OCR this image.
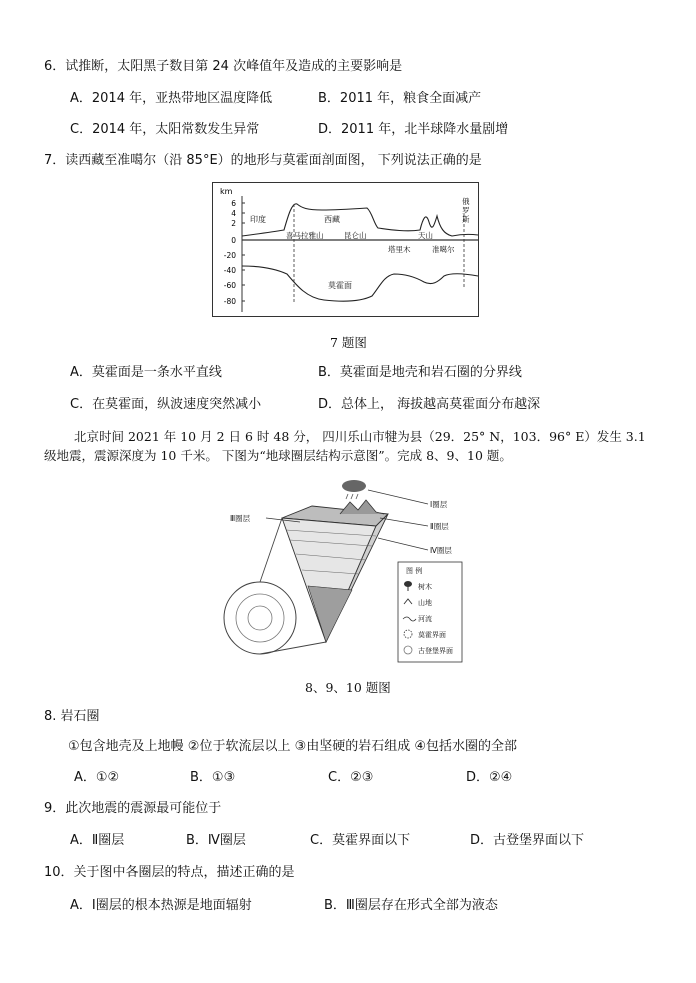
6．试推断，太阳黑子数目第 24 次峰值年及造成的主要影响是
A．2014 年，亚热带地区温度降低	B．2011 年，粮食全面减产
C．2014 年，太阳常数发生异常	D．2011 年，北半球降水量剧增
7．读西藏至准噶尔（沿 85°E）的地形与莫霍面剖面图， 下列说法正确的是
km
6
4
2
0
-20
-40
-60
-80
印度	西藏
俄
罗
斯
喜马拉雅山	昆仑山	天山
塔里木	准噶尔
莫霍面
7 题图
A．莫霍面是一条水平直线	B．莫霍面是地壳和岩石圈的分界线
C．在莫霍面，纵波速度突然减小	D．总体上， 海拔越高莫霍面分布越深
北京时间 2021 年 10 月 2 日 6 时 48 分， 四川乐山市犍为县（29．25° N，103．96° E）发生 3.1
级地震，震源深度为 10 千米。 下图为“地球圈层结构示意图”。完成 8、9、10 题。
Ⅰ圈层
Ⅱ圈层
Ⅳ圈层
Ⅲ圈层
图 例
树木
山地
河流
莫霍界面
古登堡界面
8、9、10 题图
8. 岩石圈
①包含地壳及上地幔 ②位于软流层以上 ③由坚硬的岩石组成 ④包括水圈的全部
A．①②	B．①③	C．②③	D．②④
9．此次地震的震源最可能位于
A．Ⅱ圈层	B．Ⅳ圈层	C．莫霍界面以下	D．古登堡界面以下
10．关于图中各圈层的特点，描述正确的是
A．Ⅰ圈层的根本热源是地面辐射	B．Ⅲ圈层存在形式全部为液态
